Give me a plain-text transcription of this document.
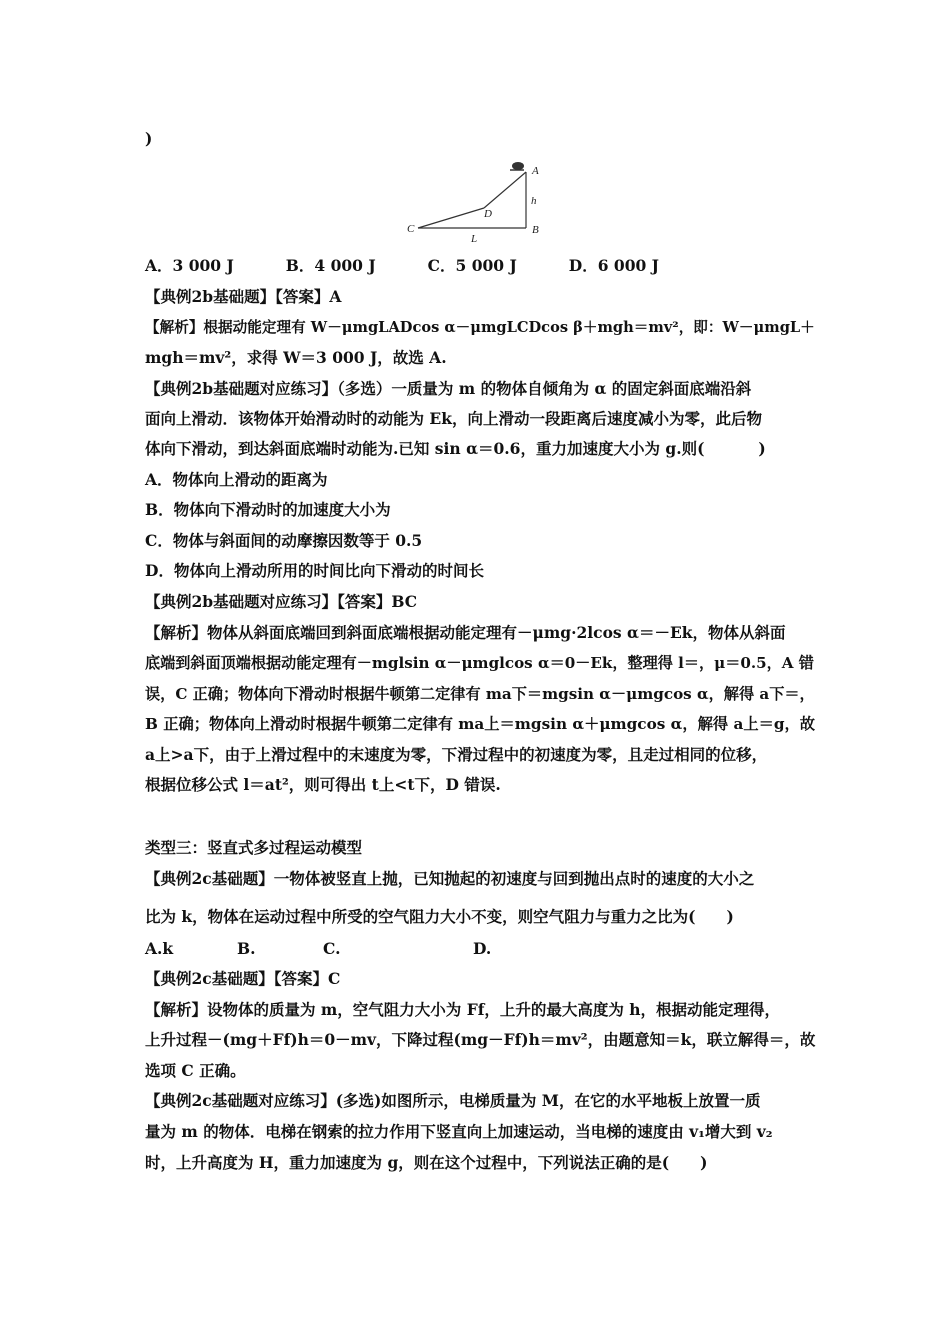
)
A
B
C
D
h
L
A．3 000 J	B．4 000 J	C．5 000 J	D．6 000 J
【典例2b基础题】【答案】A
【解析】根据动能定理有 W－μmgLADcos α－μmgLCDcos β＋mgh＝mv²，即：W－μmgL＋
mgh＝mv²，求得 W＝3 000 J，故选 A.
【典例2b基础题对应练习】（多选）一质量为 m 的物体自倾角为 α 的固定斜面底端沿斜
面向上滑动．该物体开始滑动时的动能为 Ek，向上滑动一段距离后速度减小为零，此后物
体向下滑动，到达斜面底端时动能为.已知 sin α＝0.6，重力加速度大小为 g.则(          )
A．物体向上滑动的距离为
B．物体向下滑动时的加速度大小为
C．物体与斜面间的动摩擦因数等于 0.5
D．物体向上滑动所用的时间比向下滑动的时间长
【典例2b基础题对应练习】【答案】BC
【解析】物体从斜面底端回到斜面底端根据动能定理有－μmg·2lcos α＝－Ek，物体从斜面
底端到斜面顶端根据动能定理有－mglsin α－μmglcos α＝0－Ek，整理得 l＝，μ＝0.5，A 错
误，C 正确；物体向下滑动时根据牛顿第二定律有 ma下＝mgsin α－μmgcos α，解得 a下＝，
B 正确；物体向上滑动时根据牛顿第二定律有 ma上＝mgsin α＋μmgcos α，解得 a上＝g，故
a上>a下，由于上滑过程中的末速度为零，下滑过程中的初速度为零，且走过相同的位移，
根据位移公式 l＝at²，则可得出 t上<t下，D 错误.
类型三：竖直式多过程运动模型
【典例2c基础题】一物体被竖直上抛，已知抛起的初速度与回到抛出点时的速度的大小之
比为 k，物体在运动过程中所受的空气阻力大小不变，则空气阻力与重力之比为(　　)
A.k	B.	C.	D.
【典例2c基础题】【答案】C
【解析】设物体的质量为 m，空气阻力大小为 Ff，上升的最大高度为 h，根据动能定理得，
上升过程－(mg＋Ff)h＝0－mv，下降过程(mg－Ff)h＝mv²，由题意知＝k，联立解得＝，故
选项 C 正确。
【典例2c基础题对应练习】(多选)如图所示，电梯质量为 M，在它的水平地板上放置一质
量为 m 的物体．电梯在钢索的拉力作用下竖直向上加速运动，当电梯的速度由 v₁增大到 v₂
时，上升高度为 H，重力加速度为 g，则在这个过程中，下列说法正确的是(　　)
